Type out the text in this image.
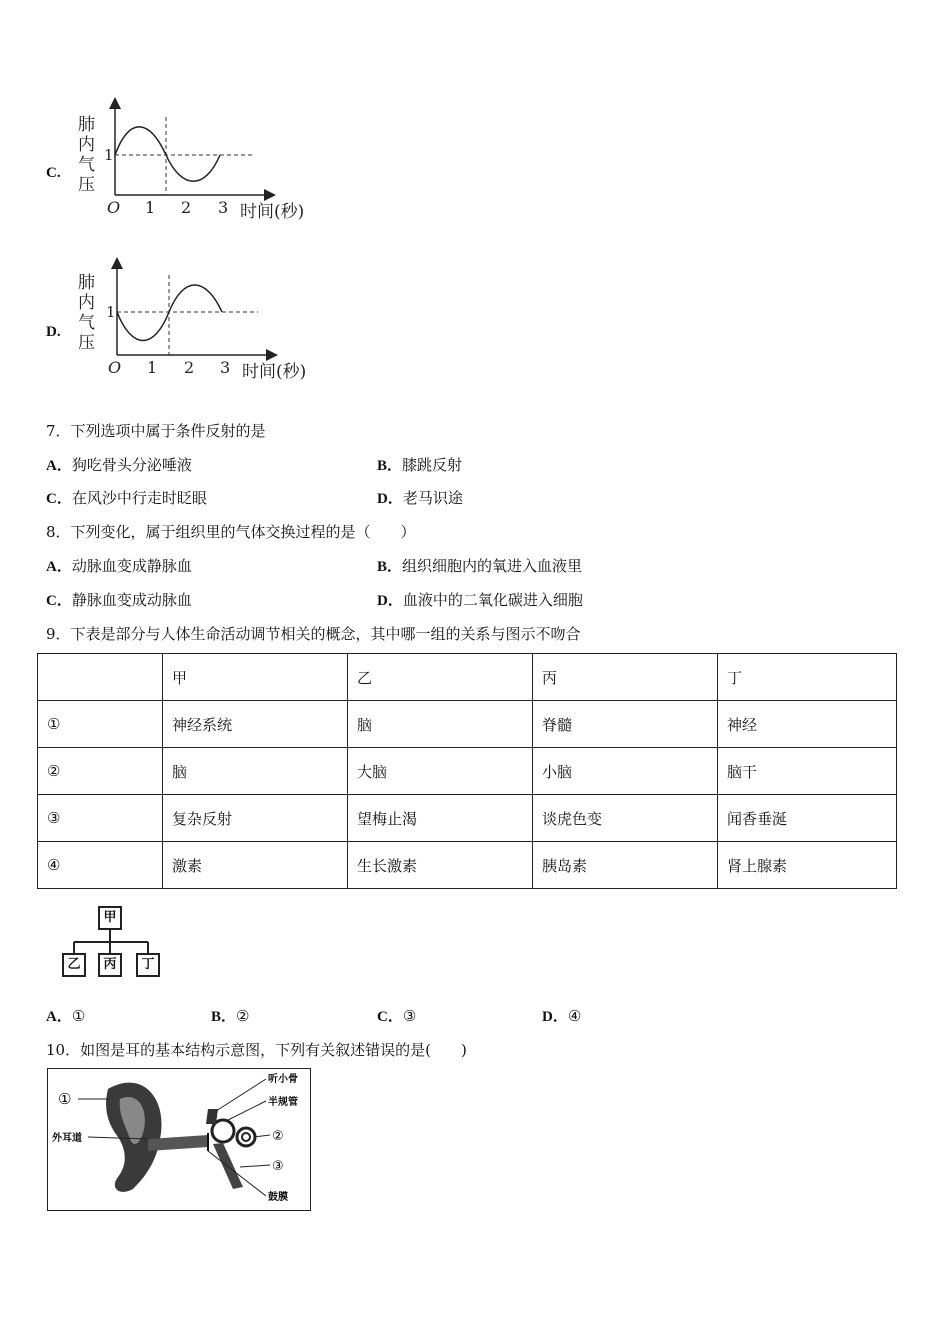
C.
肺
内
气
压
1
O 1 2 3 时间(秒)
D.
肺
内
气
压
1
O 1 2 3 时间(秒)
7．下列选项中属于条件反射的是
A．狗吃骨头分泌唾液	B．膝跳反射
C．在风沙中行走时眨眼	D．老马识途
8．下列变化，属于组织里的气体交换过程的是（　　）
A．动脉血变成静脉血	B．组织细胞内的氧进入血液里
C．静脉血变成动脉血	D．血液中的二氧化碳进入细胞
9．下表是部分与人体生命活动调节相关的概念，其中哪一组的关系与图示不吻合
	甲	乙	丙	丁
①	神经系统	脑	脊髓	神经
②	脑	大脑	小脑	脑干
③	复杂反射	望梅止渴	谈虎色变	闻香垂涎
④	激素	生长激素	胰岛素	肾上腺素
甲
乙	丙	丁
A．①	B．②	C．③	D．④
10．如图是耳的基本结构示意图，下列有关叙述错误的是(　　)
①
外耳道
听小骨
半规管
②
③
鼓膜
